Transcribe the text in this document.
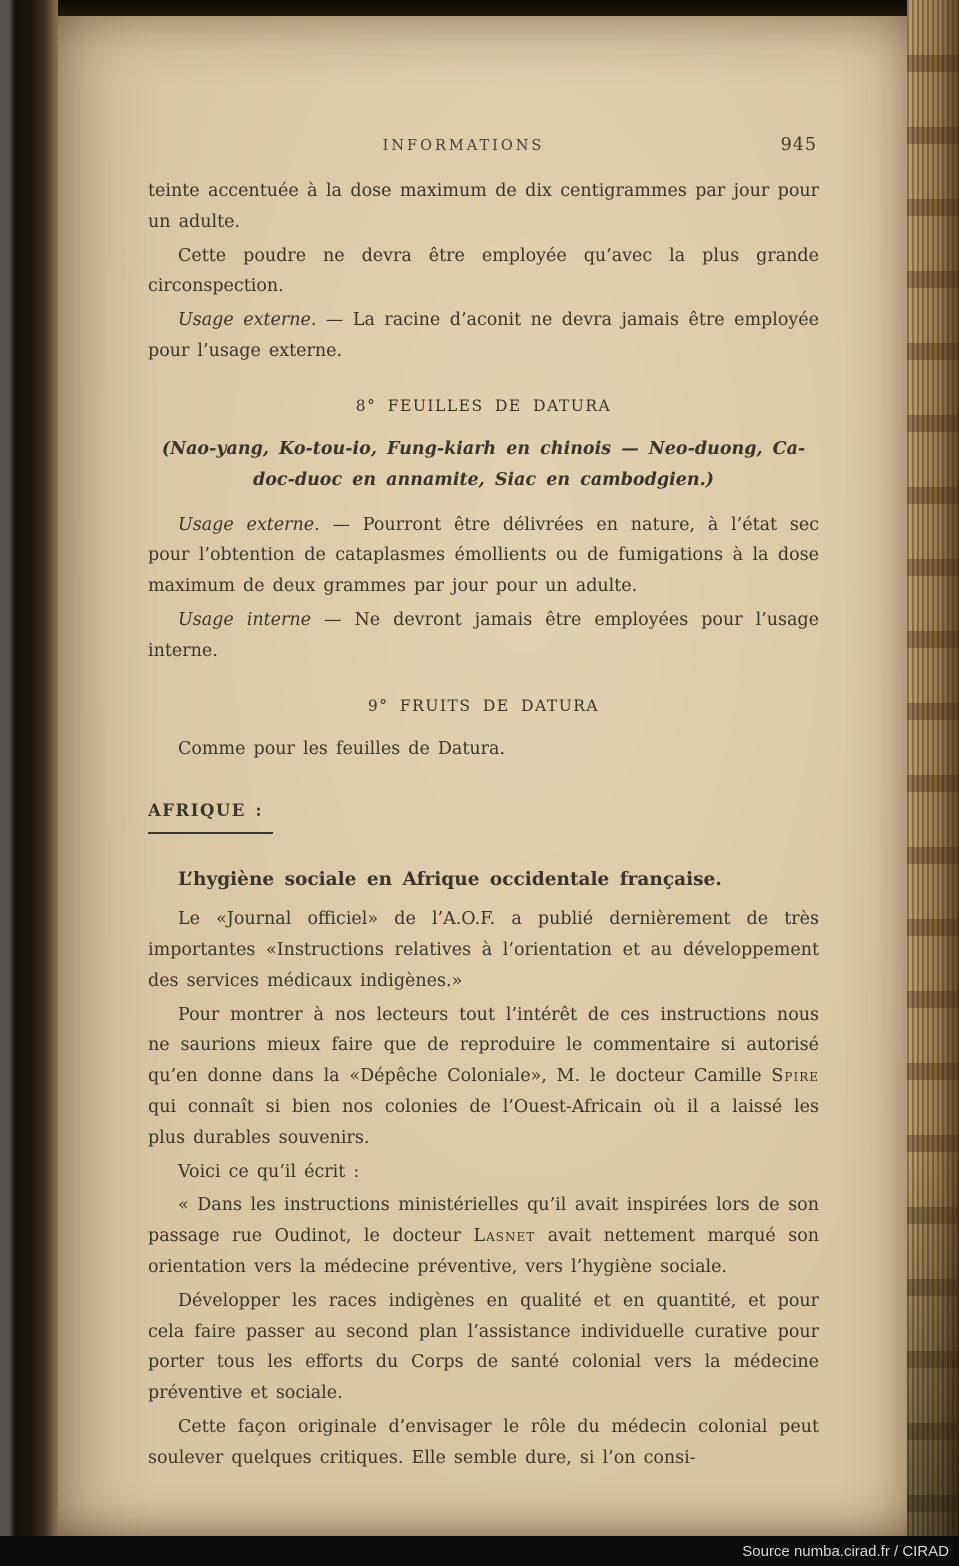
INFORMATIONS	945

teinte accentuée à la dose maximum de dix centigrammes par jour pour un adulte.

Cette poudre ne devra être employée qu’avec la plus grande circonspection.

Usage externe. — La racine d’aconit ne devra jamais être employée pour l’usage externe.

8° FEUILLES DE DATURA

(Nao-yang, Ko-tou-io, Fung-kiarh en chinois — Neo-duong, Ca-doc-duoc en annamite, Siac en cambodgien.)

Usage externe. — Pourront être délivrées en nature, à l’état sec pour l’obtention de cataplasmes émollients ou de fumigations à la dose maximum de deux grammes par jour pour un adulte.

Usage interne — Ne devront jamais être employées pour l’usage interne.

9° FRUITS DE DATURA

Comme pour les feuilles de Datura.

AFRIQUE :

L’hygiène sociale en Afrique occidentale française.

Le «Journal officiel» de l’A.O.F. a publié dernièrement de très importantes «Instructions relatives à l’orientation et au développement des services médicaux indigènes.»

Pour montrer à nos lecteurs tout l’intérêt de ces instructions nous ne saurions mieux faire que de reproduire le commentaire si autorisé qu’en donne dans la «Dépêche Coloniale», M. le docteur Camille Spire qui connaît si bien nos colonies de l’Ouest-Africain où il a laissé les plus durables souvenirs.

Voici ce qu’il écrit :

« Dans les instructions ministérielles qu’il avait inspirées lors de son passage rue Oudinot, le docteur Lasnet avait nettement marqué son orientation vers la médecine préventive, vers l’hygiène sociale.

Développer les races indigènes en qualité et en quantité, et pour cela faire passer au second plan l’assistance individuelle curative pour porter tous les efforts du Corps de santé colonial vers la médecine préventive et sociale.

Cette façon originale d’envisager le rôle du médecin colonial peut soulever quelques critiques. Elle semble dure, si l’on consi-

Source numba.cirad.fr / CIRAD
